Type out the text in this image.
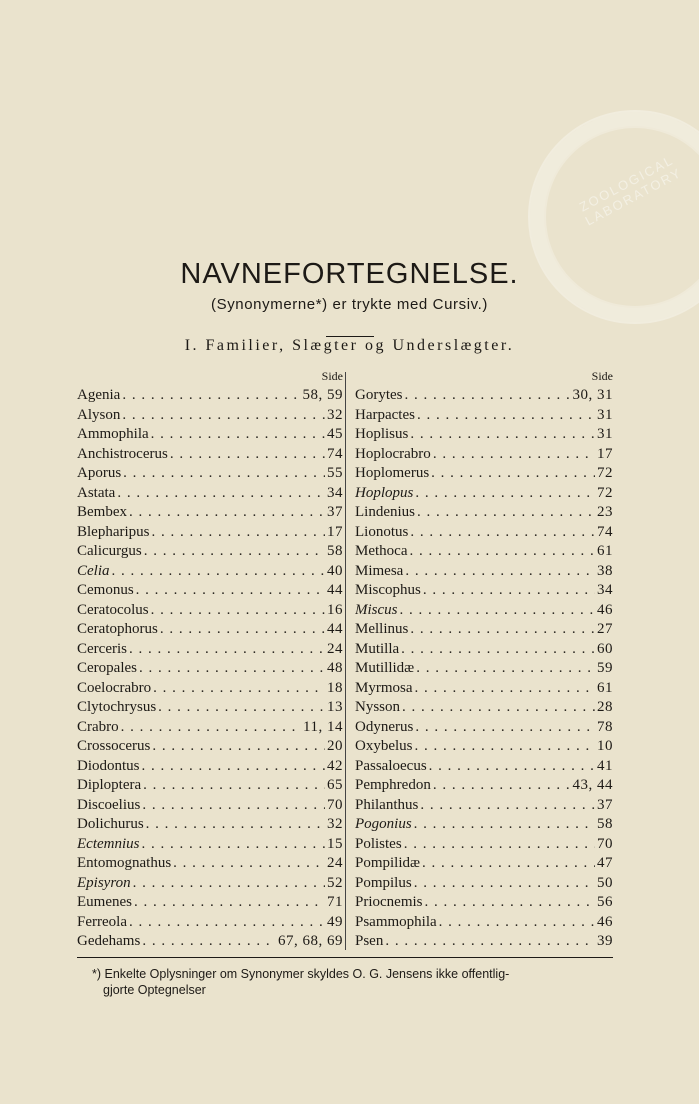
ZOOLOGICAL LABORATORY
NAVNEFORTEGNELSE.
(Synonymerne*) er trykte med Cursiv.)
I. Familier, Slægter og Underslægter.
Side
Agenia . . .	58, 59
Alyson . . .	32
Ammophila . . .	45
Anchistrocerus . . .	74
Aporus . . .	55
Astata . . .	34
Bembex . . .	37
Blepharipus . . .	17
Calicurgus . . .	58
Celia . . .	40
Cemonus . . .	44
Ceratocolus . . .	16
Ceratophorus . . .	44
Cerceris . . .	24
Ceropales . . .	48
Coelocrabro . . .	18
Clytochrysus . . .	13
Crabro . . .	11, 14
Crossocerus . . .	20
Diodontus . . .	42
Diploptera . . .	65
Discoelius . . .	70
Dolichurus . . .	32
Ectemnius . . .	15
Entomognathus . . .	24
Episyron . . .	52
Eumenes . . .	71
Ferreola . . .	49
Gedehams . . .	67, 68, 69
Side
Gorytes . . .	30, 31
Harpactes . . .	31
Hoplisus . . .	31
Hoplocrabro . . .	17
Hoplomerus . . .	72
Hoplopus . . .	72
Lindenius . . .	23
Lionotus . . .	74
Methoca . . .	61
Mimesa . . .	38
Miscophus . . .	34
Miscus . . .	46
Mellinus . . .	27
Mutilla . . .	60
Mutillidæ . . .	59
Myrmosa . . .	61
Nysson . . .	28
Odynerus . . .	78
Oxybelus . . .	10
Passaloecus . . .	41
Pemphredon . . .	43, 44
Philanthus . . .	37
Pogonius . . .	58
Polistes . . .	70
Pompilidæ . . .	47
Pompilus . . .	50
Priocnemis . . .	56
Psammophila . . .	46
Psen . . .	39
*) Enkelte Oplysninger om Synonymer skyldes O. G. Jensens ikke offentlig-
gjorte Optegnelser
